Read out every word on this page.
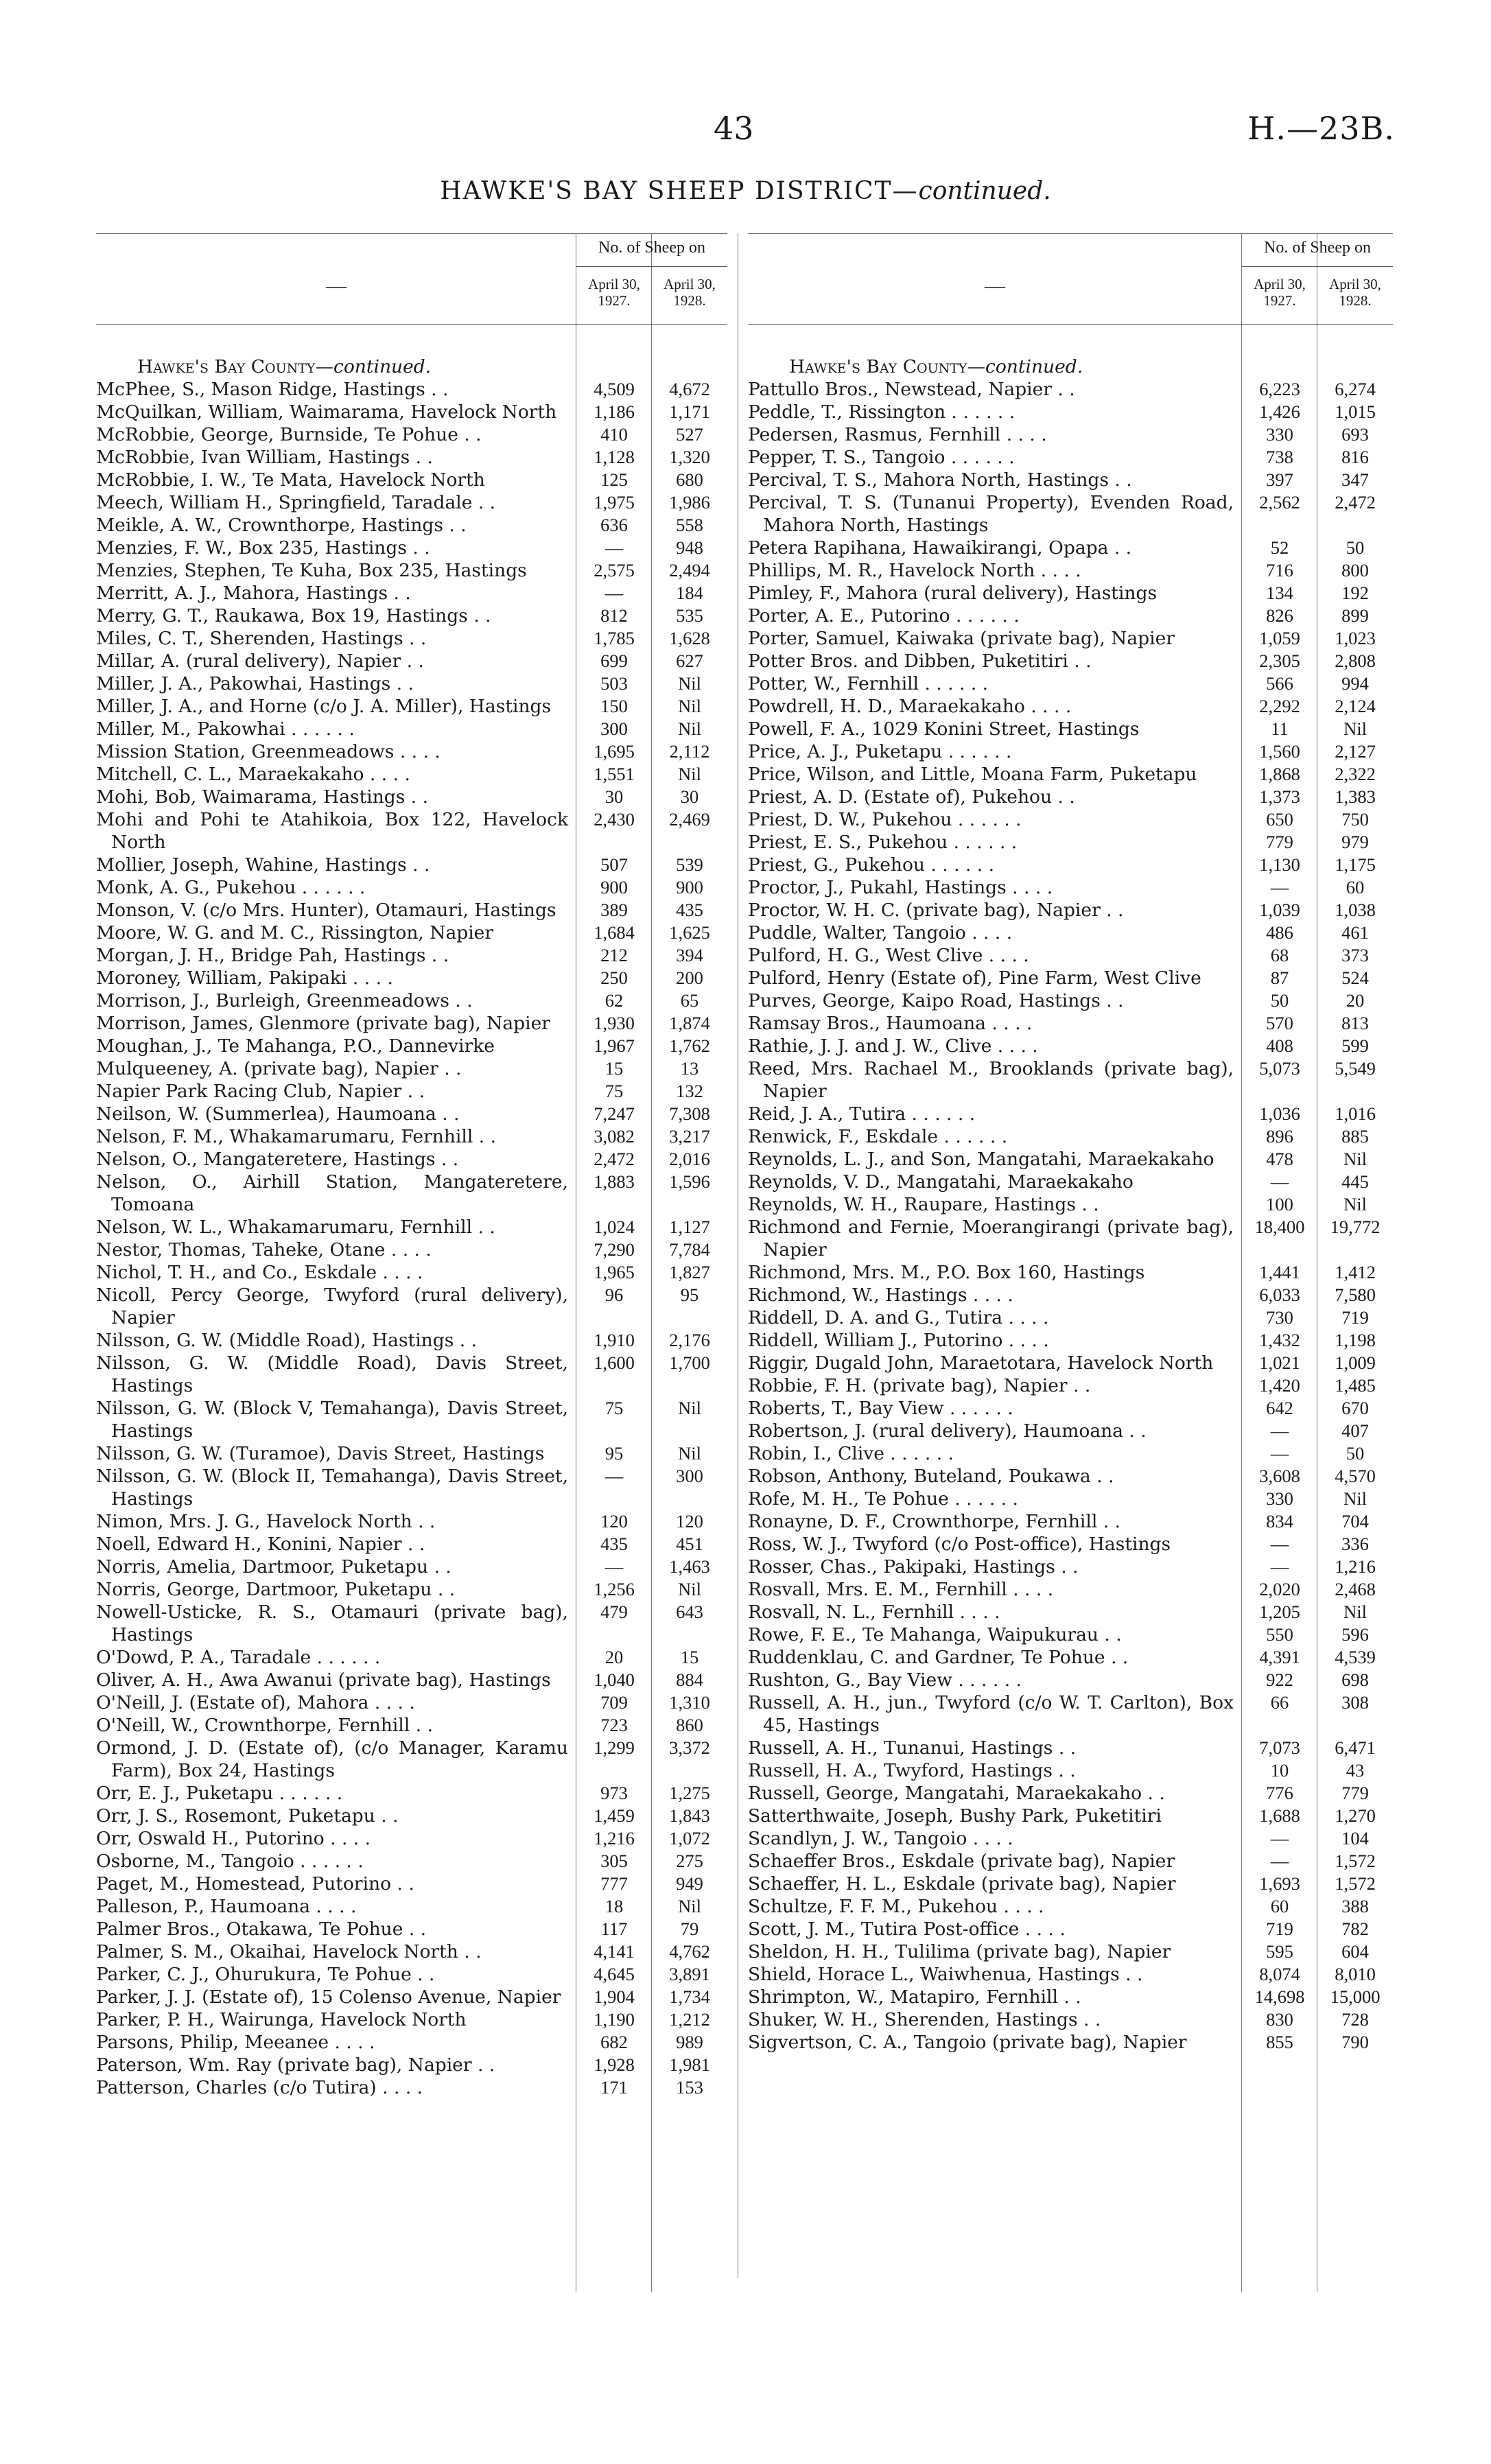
43	H.—23B.
HAWKE'S BAY SHEEP DISTRICT—continued.
—
No. of Sheep on
April 30, 1927.
April 30, 1928.
Hawke's Bay County—continued.
McPhee, S., Mason Ridge, Hastings . .	4,509	4,672
McQuilkan, William, Waimarama, Havelock North	1,186	1,171
McRobbie, George, Burnside, Te Pohue . .	410	527
McRobbie, Ivan William, Hastings . .	1,128	1,320
McRobbie, I. W., Te Mata, Havelock North	125	680
Meech, William H., Springfield, Taradale . .	1,975	1,986
Meikle, A. W., Crownthorpe, Hastings . .	636	558
Menzies, F. W., Box 235, Hastings . .	—	948
Menzies, Stephen, Te Kuha, Box 235, Hastings	2,575	2,494
Merritt, A. J., Mahora, Hastings . .	—	184
Merry, G. T., Raukawa, Box 19, Hastings . .	812	535
Miles, C. T., Sherenden, Hastings . .	1,785	1,628
Millar, A. (rural delivery), Napier . .	699	627
Miller, J. A., Pakowhai, Hastings . .	503	Nil
Miller, J. A., and Horne (c/o J. A. Miller), Hastings	150	Nil
Miller, M., Pakowhai . . . . . .	300	Nil
Mission Station, Greenmeadows . . . .	1,695	2,112
Mitchell, C. L., Maraekakaho . . . .	1,551	Nil
Mohi, Bob, Waimarama, Hastings . .	30	30
Mohi and Pohi te Atahikoia, Box 122, Havelock North
2,430	2,469
Mollier, Joseph, Wahine, Hastings . .	507	539
Monk, A. G., Pukehou . . . . . .	900	900
Monson, V. (c/o Mrs. Hunter), Otamauri, Hastings	389	435
Moore, W. G. and M. C., Rissington, Napier	1,684	1,625
Morgan, J. H., Bridge Pah, Hastings . .	212	394
Moroney, William, Pakipaki . . . .	250	200
Morrison, J., Burleigh, Greenmeadows . .	62	65
Morrison, James, Glenmore (private bag), Napier	1,930	1,874
Moughan, J., Te Mahanga, P.O., Dannevirke	1,967	1,762
Mulqueeney, A. (private bag), Napier . .	15	13
Napier Park Racing Club, Napier . .	75	132
Neilson, W. (Summerlea), Haumoana . .	7,247	7,308
Nelson, F. M., Whakamarumaru, Fernhill . .	3,082	3,217
Nelson, O., Mangateretere, Hastings . .	2,472	2,016
Nelson, O., Airhill Station, Mangateretere, Tomoana
1,883	1,596
Nelson, W. L., Whakamarumaru, Fernhill . .	1,024	1,127
Nestor, Thomas, Taheke, Otane . . . .	7,290	7,784
Nichol, T. H., and Co., Eskdale . . . .	1,965	1,827
Nicoll, Percy George, Twyford (rural delivery), Napier
96	95
Nilsson, G. W. (Middle Road), Hastings . .	1,910	2,176
Nilsson, G. W. (Middle Road), Davis Street, Hastings
1,600	1,700
Nilsson, G. W. (Block V, Temahanga), Davis Street, Hastings
75	Nil
Nilsson, G. W. (Turamoe), Davis Street, Hastings	95	Nil
Nilsson, G. W. (Block II, Temahanga), Davis Street, Hastings
—	300
Nimon, Mrs. J. G., Havelock North . .	120	120
Noell, Edward H., Konini, Napier . .	435	451
Norris, Amelia, Dartmoor, Puketapu . .	—	1,463
Norris, George, Dartmoor, Puketapu . .	1,256	Nil
Nowell-Usticke, R. S., Otamauri (private bag), Hastings
479	643
O'Dowd, P. A., Taradale . . . . . .	20	15
Oliver, A. H., Awa Awanui (private bag), Hastings	1,040	884
O'Neill, J. (Estate of), Mahora . . . .	709	1,310
O'Neill, W., Crownthorpe, Fernhill . .	723	860
Ormond, J. D. (Estate of), (c/o Manager, Karamu Farm), Box 24, Hastings
1,299	3,372
Orr, E. J., Puketapu . . . . . .	973	1,275
Orr, J. S., Rosemont, Puketapu . .	1,459	1,843
Orr, Oswald H., Putorino . . . .	1,216	1,072
Osborne, M., Tangoio . . . . . .	305	275
Paget, M., Homestead, Putorino . .	777	949
Palleson, P., Haumoana . . . .	18	Nil
Palmer Bros., Otakawa, Te Pohue . .	117	79
Palmer, S. M., Okaihai, Havelock North . .	4,141	4,762
Parker, C. J., Ohurukura, Te Pohue . .	4,645	3,891
Parker, J. J. (Estate of), 15 Colenso Avenue, Napier	1,904	1,734
Parker, P. H., Wairunga, Havelock North	1,190	1,212
Parsons, Philip, Meeanee . . . .	682	989
Paterson, Wm. Ray (private bag), Napier . .	1,928	1,981
Patterson, Charles (c/o Tutira) . . . .	171	153
—
No. of Sheep on
April 30, 1927.
April 30, 1928.
Hawke's Bay County—continued.
Pattullo Bros., Newstead, Napier . .	6,223	6,274
Peddle, T., Rissington . . . . . .	1,426	1,015
Pedersen, Rasmus, Fernhill . . . .	330	693
Pepper, T. S., Tangoio . . . . . .	738	816
Percival, T. S., Mahora North, Hastings . .	397	347
Percival, T. S. (Tunanui Property), Evenden Road, Mahora North, Hastings
2,562	2,472
Petera Rapihana, Hawaikirangi, Opapa . .	52	50
Phillips, M. R., Havelock North . . . .	716	800
Pimley, F., Mahora (rural delivery), Hastings	134	192
Porter, A. E., Putorino . . . . . .	826	899
Porter, Samuel, Kaiwaka (private bag), Napier	1,059	1,023
Potter Bros. and Dibben, Puketitiri . .	2,305	2,808
Potter, W., Fernhill . . . . . .	566	994
Powdrell, H. D., Maraekakaho . . . .	2,292	2,124
Powell, F. A., 1029 Konini Street, Hastings	11	Nil
Price, A. J., Puketapu . . . . . .	1,560	2,127
Price, Wilson, and Little, Moana Farm, Puketapu	1,868	2,322
Priest, A. D. (Estate of), Pukehou . .	1,373	1,383
Priest, D. W., Pukehou . . . . . .	650	750
Priest, E. S., Pukehou . . . . . .	779	979
Priest, G., Pukehou . . . . . .	1,130	1,175
Proctor, J., Pukahl, Hastings . . . .	—	60
Proctor, W. H. C. (private bag), Napier . .	1,039	1,038
Puddle, Walter, Tangoio . . . .	486	461
Pulford, H. G., West Clive . . . .	68	373
Pulford, Henry (Estate of), Pine Farm, West Clive	87	524
Purves, George, Kaipo Road, Hastings . .	50	20
Ramsay Bros., Haumoana . . . .	570	813
Rathie, J. J. and J. W., Clive . . . .	408	599
Reed, Mrs. Rachael M., Brooklands (private bag), Napier
5,073	5,549
Reid, J. A., Tutira . . . . . .	1,036	1,016
Renwick, F., Eskdale . . . . . .	896	885
Reynolds, L. J., and Son, Mangatahi, Maraekakaho	478	Nil
Reynolds, V. D., Mangatahi, Maraekakaho	—	445
Reynolds, W. H., Raupare, Hastings . .	100	Nil
Richmond and Fernie, Moerangirangi (private bag), Napier
18,400	19,772
Richmond, Mrs. M., P.O. Box 160, Hastings	1,441	1,412
Richmond, W., Hastings . . . .	6,033	7,580
Riddell, D. A. and G., Tutira . . . .	730	719
Riddell, William J., Putorino . . . .	1,432	1,198
Riggir, Dugald John, Maraetotara, Havelock North	1,021	1,009
Robbie, F. H. (private bag), Napier . .	1,420	1,485
Roberts, T., Bay View . . . . . .	642	670
Robertson, J. (rural delivery), Haumoana . .	—	407
Robin, I., Clive . . . . . .	—	50
Robson, Anthony, Buteland, Poukawa . .	3,608	4,570
Rofe, M. H., Te Pohue . . . . . .	330	Nil
Ronayne, D. F., Crownthorpe, Fernhill . .	834	704
Ross, W. J., Twyford (c/o Post-office), Hastings	—	336
Rosser, Chas., Pakipaki, Hastings . .	—	1,216
Rosvall, Mrs. E. M., Fernhill . . . .	2,020	2,468
Rosvall, N. L., Fernhill . . . .	1,205	Nil
Rowe, F. E., Te Mahanga, Waipukurau . .	550	596
Ruddenklau, C. and Gardner, Te Pohue . .	4,391	4,539
Rushton, G., Bay View . . . . . .	922	698
Russell, A. H., jun., Twyford (c/o W. T. Carlton), Box 45, Hastings
66	308
Russell, A. H., Tunanui, Hastings . .	7,073	6,471
Russell, H. A., Twyford, Hastings . .	10	43
Russell, George, Mangatahi, Maraekakaho . .	776	779
Satterthwaite, Joseph, Bushy Park, Puketitiri	1,688	1,270
Scandlyn, J. W., Tangoio . . . .	—	104
Schaeffer Bros., Eskdale (private bag), Napier	—	1,572
Schaeffer, H. L., Eskdale (private bag), Napier	1,693	1,572
Schultze, F. F. M., Pukehou . . . .	60	388
Scott, J. M., Tutira Post-office . . . .	719	782
Sheldon, H. H., Tulilima (private bag), Napier	595	604
Shield, Horace L., Waiwhenua, Hastings . .	8,074	8,010
Shrimpton, W., Matapiro, Fernhill . .	14,698	15,000
Shuker, W. H., Sherenden, Hastings . .	830	728
Sigvertson, C. A., Tangoio (private bag), Napier	855	790
